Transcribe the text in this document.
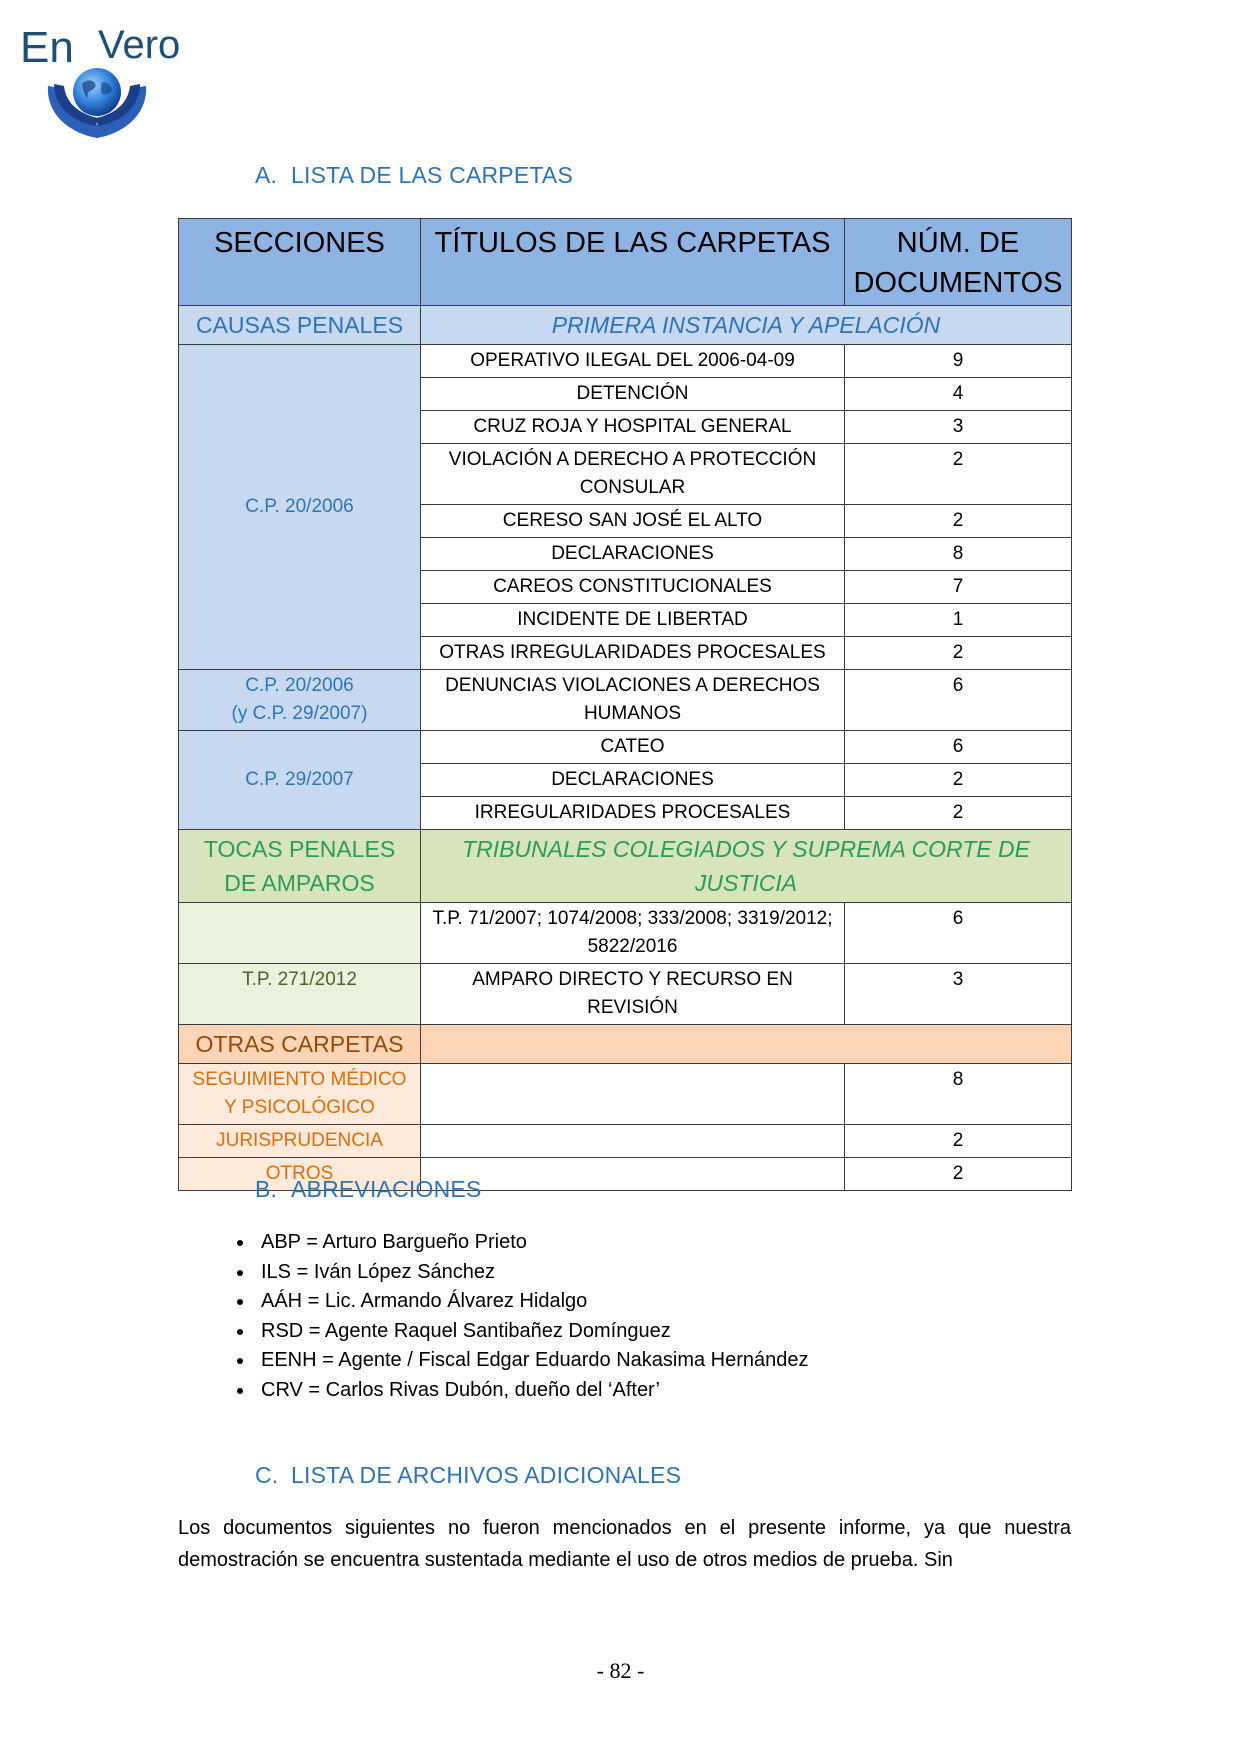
En Vero
A. LISTA DE LAS CARPETAS
SECCIONES	TÍTULOS DE LAS CARPETAS	NÚM. DE DOCUMENTOS
CAUSAS PENALES	PRIMERA INSTANCIA Y APELACIÓN	
C.P. 20/2006	OPERATIVO ILEGAL DEL 2006-04-09	9
	DETENCIÓN	4
	CRUZ ROJA Y HOSPITAL GENERAL	3
	VIOLACIÓN A DERECHO A PROTECCIÓN CONSULAR	2
	CERESO SAN JOSÉ EL ALTO	2
	DECLARACIONES	8
	CAREOS CONSTITUCIONALES	7
	INCIDENTE DE LIBERTAD	1
	OTRAS IRREGULARIDADES PROCESALES	2

C.P. 20/2006
(y C.P. 29/2007)	DENUNCIAS VIOLACIONES A DERECHOS HUMANOS	6
C.P. 29/2007	CATEO	6
	DECLARACIONES	2
	IRREGULARIDADES PROCESALES	2
TOCAS PENALES DE AMPAROS	TRIBUNALES COLEGIADOS Y SUPREMA CORTE DE JUSTICIA	
	T.P. 71/2007; 1074/2008; 333/2008; 3319/2012; 5822/2016	6
T.P. 271/2012	AMPARO DIRECTO Y RECURSO EN REVISIÓN	3
OTRAS CARPETAS		
SEGUIMIENTO MÉDICO Y PSICOLÓGICO		8
JURISPRUDENCIA		2
OTROS		2
B. ABREVIACIONES
• ABP = Arturo Bargueño Prieto
• ILS = Iván López Sánchez
• AÁH = Lic. Armando Álvarez Hidalgo
• RSD = Agente Raquel Santibañez Domínguez
• EENH = Agente / Fiscal Edgar Eduardo Nakasima Hernández
• CRV = Carlos Rivas Dubón, dueño del ‘After’
C. LISTA DE ARCHIVOS ADICIONALES

Los documentos siguientes no fueron mencionados en el presente informe, ya que nuestra demostración se encuentra sustentada mediante el uso de otros medios de prueba. Sin

- 82 -
